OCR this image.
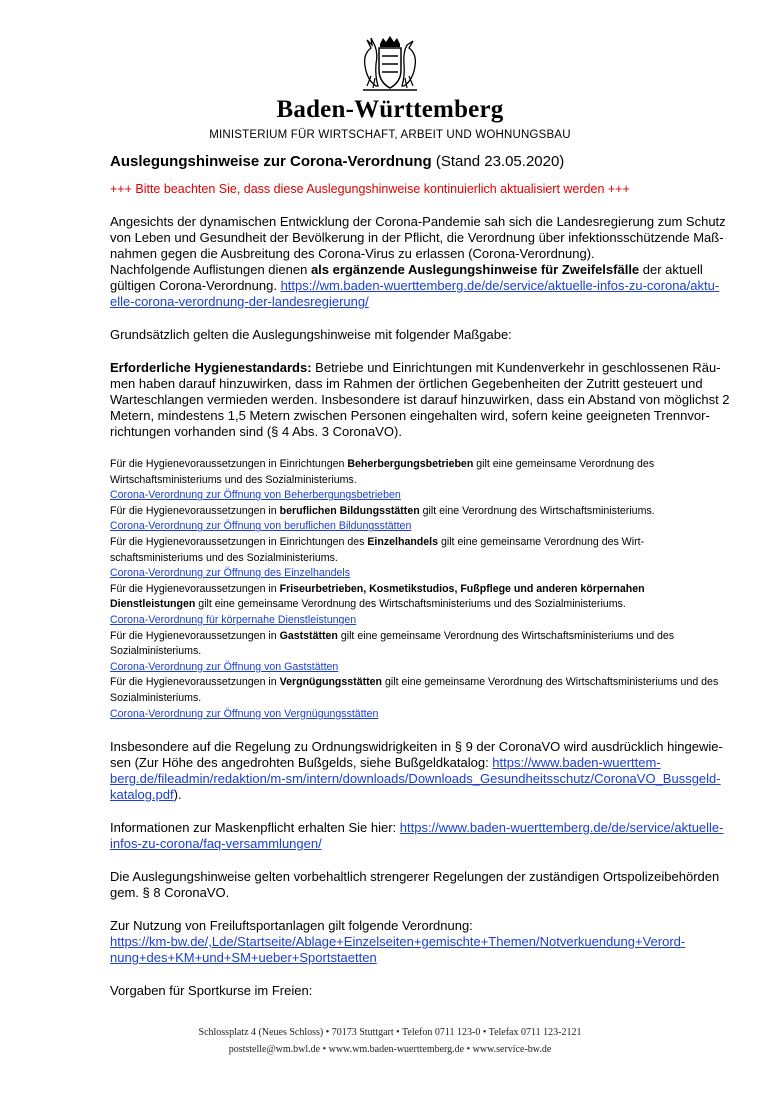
Baden-Württemberg
MINISTERIUM FÜR WIRTSCHAFT, ARBEIT UND WOHNUNGSBAU
Auslegungshinweise zur Corona-Verordnung (Stand 23.05.2020)

+++ Bitte beachten Sie, dass diese Auslegungshinweise kontinuierlich aktualisiert werden +++

Angesichts der dynamischen Entwicklung der Corona-Pandemie sah sich die Landesregierung zum Schutz von Leben und Gesundheit der Bevölkerung in der Pflicht, die Verordnung über infektionsschützende Maßnahmen gegen die Ausbreitung des Corona-Virus zu erlassen (Corona-Verordnung).
Nachfolgende Auflistungen dienen als ergänzende Auslegungshinweise für Zweifelsfälle der aktuell gültigen Corona-Verordnung. https://wm.baden-wuerttemberg.de/de/service/aktuelle-infos-zu-corona/aktuelle-corona-verordnung-der-landesregierung/

Grundsätzlich gelten die Auslegungshinweise mit folgender Maßgabe:

Erforderliche Hygienestandards: Betriebe und Einrichtungen mit Kundenverkehr in geschlossenen Räumen haben darauf hinzuwirken, dass im Rahmen der örtlichen Gegebenheiten der Zutritt gesteuert und Warteschlangen vermieden werden. Insbesondere ist darauf hinzuwirken, dass ein Abstand von möglichst 2 Metern, mindestens 1,5 Metern zwischen Personen eingehalten wird, sofern keine geeigneten Trennvorrichtungen vorhanden sind (§ 4 Abs. 3 CoronaVO).

Für die Hygienevoraussetzungen in Einrichtungen Beherbergungsbetrieben gilt eine gemeinsame Verordnung des Wirtschaftsministeriums und des Sozialministeriums.
Corona-Verordnung zur Öffnung von Beherbergungsbetrieben
Für die Hygienevoraussetzungen in beruflichen Bildungsstätten gilt eine Verordnung des Wirtschaftsministeriums.
Corona-Verordnung zur Öffnung von beruflichen Bildungsstätten
Für die Hygienevoraussetzungen in Einrichtungen des Einzelhandels gilt eine gemeinsame Verordnung des Wirtschaftsministeriums und des Sozialministeriums.
Corona-Verordnung zur Öffnung des Einzelhandels
Für die Hygienevoraussetzungen in Friseurbetrieben, Kosmetikstudios, Fußpflege und anderen körpernahen Dienstleistungen gilt eine gemeinsame Verordnung des Wirtschaftsministeriums und des Sozialministeriums.
Corona-Verordnung für körpernahe Dienstleistungen
Für die Hygienevoraussetzungen in Gaststätten gilt eine gemeinsame Verordnung des Wirtschaftsministeriums und des Sozialministeriums.
Corona-Verordnung zur Öffnung von Gaststätten
Für die Hygienevoraussetzungen in Vergnügungsstätten gilt eine gemeinsame Verordnung des Wirtschaftsministeriums und des Sozialministeriums.
Corona-Verordnung zur Öffnung von Vergnügungsstätten

Insbesondere auf die Regelung zu Ordnungswidrigkeiten in § 9 der CoronaVO wird ausdrücklich hingewiesen (Zur Höhe des angedrohten Bußgelds, siehe Bußgeldkatalog: https://www.baden-wuerttemberg.de/fileadmin/redaktion/m-sm/intern/downloads/Downloads_Gesundheitsschutz/CoronaVO_Bussgeldkatalog.pdf).

Informationen zur Maskenpflicht erhalten Sie hier: https://www.baden-wuerttemberg.de/de/service/aktuelle-infos-zu-corona/faq-versammlungen/

Die Auslegungshinweise gelten vorbehaltlich strengerer Regelungen der zuständigen Ortspolizeibehörden gem. § 8 CoronaVO.

Zur Nutzung von Freiluftsportanlagen gilt folgende Verordnung:
https://km-bw.de/,Lde/Startseite/Ablage+Einzelseiten+gemischte+Themen/Notverkuendung+Verordnung+des+KM+und+SM+ueber+Sportstaetten

Vorgaben für Sportkurse im Freien:

Schlossplatz 4 (Neues Schloss) • 70173 Stuttgart • Telefon 0711 123-0 • Telefax 0711 123-2121
poststelle@wm.bwl.de • www.wm.baden-wuerttemberg.de • www.service-bw.de
